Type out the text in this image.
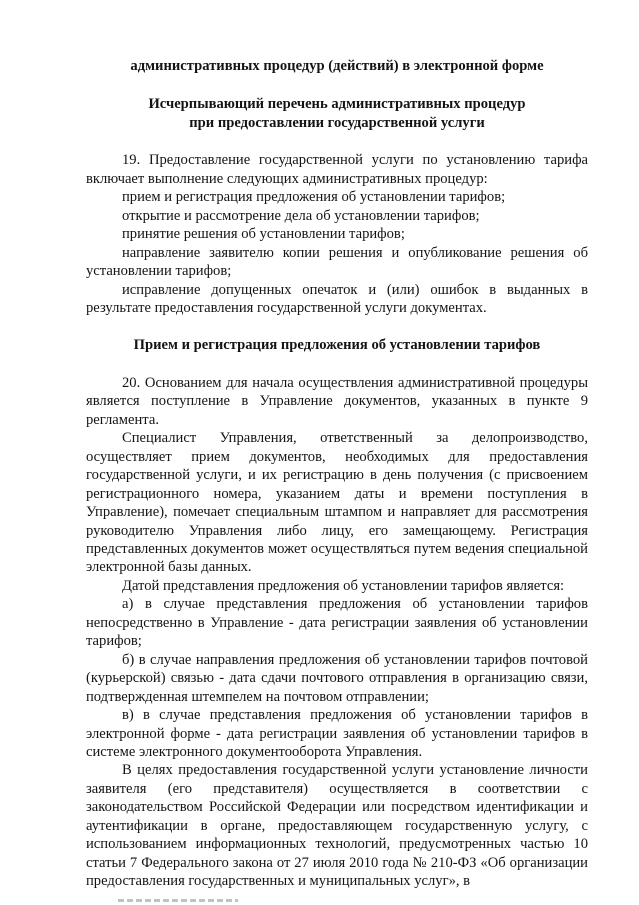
административных процедур (действий) в электронной форме

Исчерпывающий перечень административных процедур
при предоставлении государственной услуги

19. Предоставление государственной услуги по установлению тарифа включает выполнение следующих административных процедур:

прием и регистрация предложения об установлении тарифов;

открытие и рассмотрение дела об установлении тарифов;

принятие решения об установлении тарифов;

направление заявителю копии решения и опубликование решения об установлении тарифов;

исправление допущенных опечаток и (или) ошибок в выданных в результате предоставления государственной услуги документах.

Прием и регистрация предложения об установлении тарифов

20. Основанием для начала осуществления административной процедуры является поступление в Управление документов, указанных в пункте 9 регламента.

Специалист Управления, ответственный за делопроизводство, осуществляет прием документов, необходимых для предоставления государственной услуги, и их регистрацию в день получения (с присвоением регистрационного номера, указанием даты и времени поступления в Управление), помечает специальным штампом и направляет для рассмотрения руководителю Управления либо лицу, его замещающему. Регистрация представленных документов может осуществляться путем ведения специальной электронной базы данных.

Датой представления предложения об установлении тарифов является:

а) в случае представления предложения об установлении тарифов непосредственно в Управление - дата регистрации заявления об установлении тарифов;

б) в случае направления предложения об установлении тарифов почтовой (курьерской) связью - дата сдачи почтового отправления в организацию связи, подтвержденная штемпелем на почтовом отправлении;

в) в случае представления предложения об установлении тарифов в электронной форме - дата регистрации заявления об установлении тарифов в системе электронного документооборота Управления.

В целях предоставления государственной услуги установление личности заявителя (его представителя) осуществляется в соответствии с законодательством Российской Федерации или посредством идентификации и аутентификации в органе, предоставляющем государственную услугу, с использованием информационных технологий, предусмотренных частью 10 статьи 7 Федерального закона от 27 июля 2010 года № 210-ФЗ «Об организации предоставления государственных и муниципальных услуг», в
